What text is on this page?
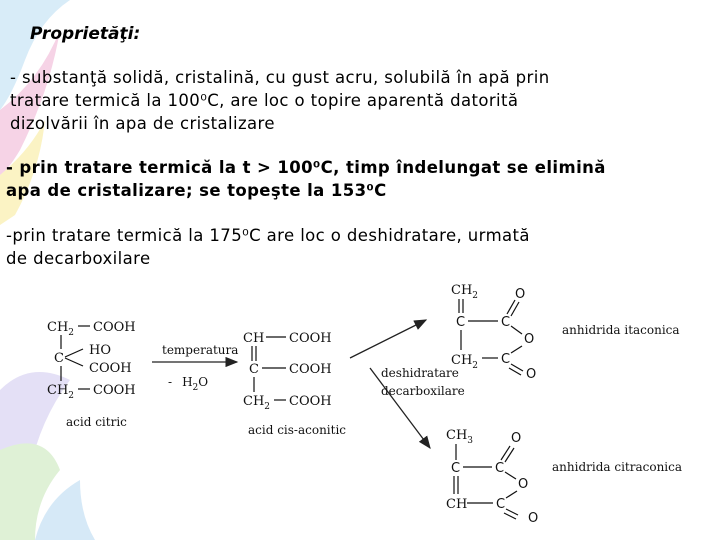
Proprietăţi:
- substanţă solidă, cristalină, cu gust acru, solubilă în apă prin
tratare termică la 100⁰C, are loc o topire aparentă datorită
dizolvării în apa de cristalizare
- prin tratare termică la t > 100⁰C, timp îndelungat se elimină
apa de cristalizare; se topeşte la 153⁰C
-prin tratare termică la 175⁰C are loc o deshidratare, urmată
de decarboxilare
$CH_2$ COOH
C
HO
COOH
$CH_2$ COOH
acid citric
temperatura
- $H_2O$
CH COOH
C COOH
$CH_2$ COOH
acid cis-aconitic
deshidratare
decarboxilare
$CH_2$
C	C
O
O
$CH_2$ C
O
anhidrida itaconica
$CH_3$
C	C
O
O
CH C
O
anhidrida citraconica
